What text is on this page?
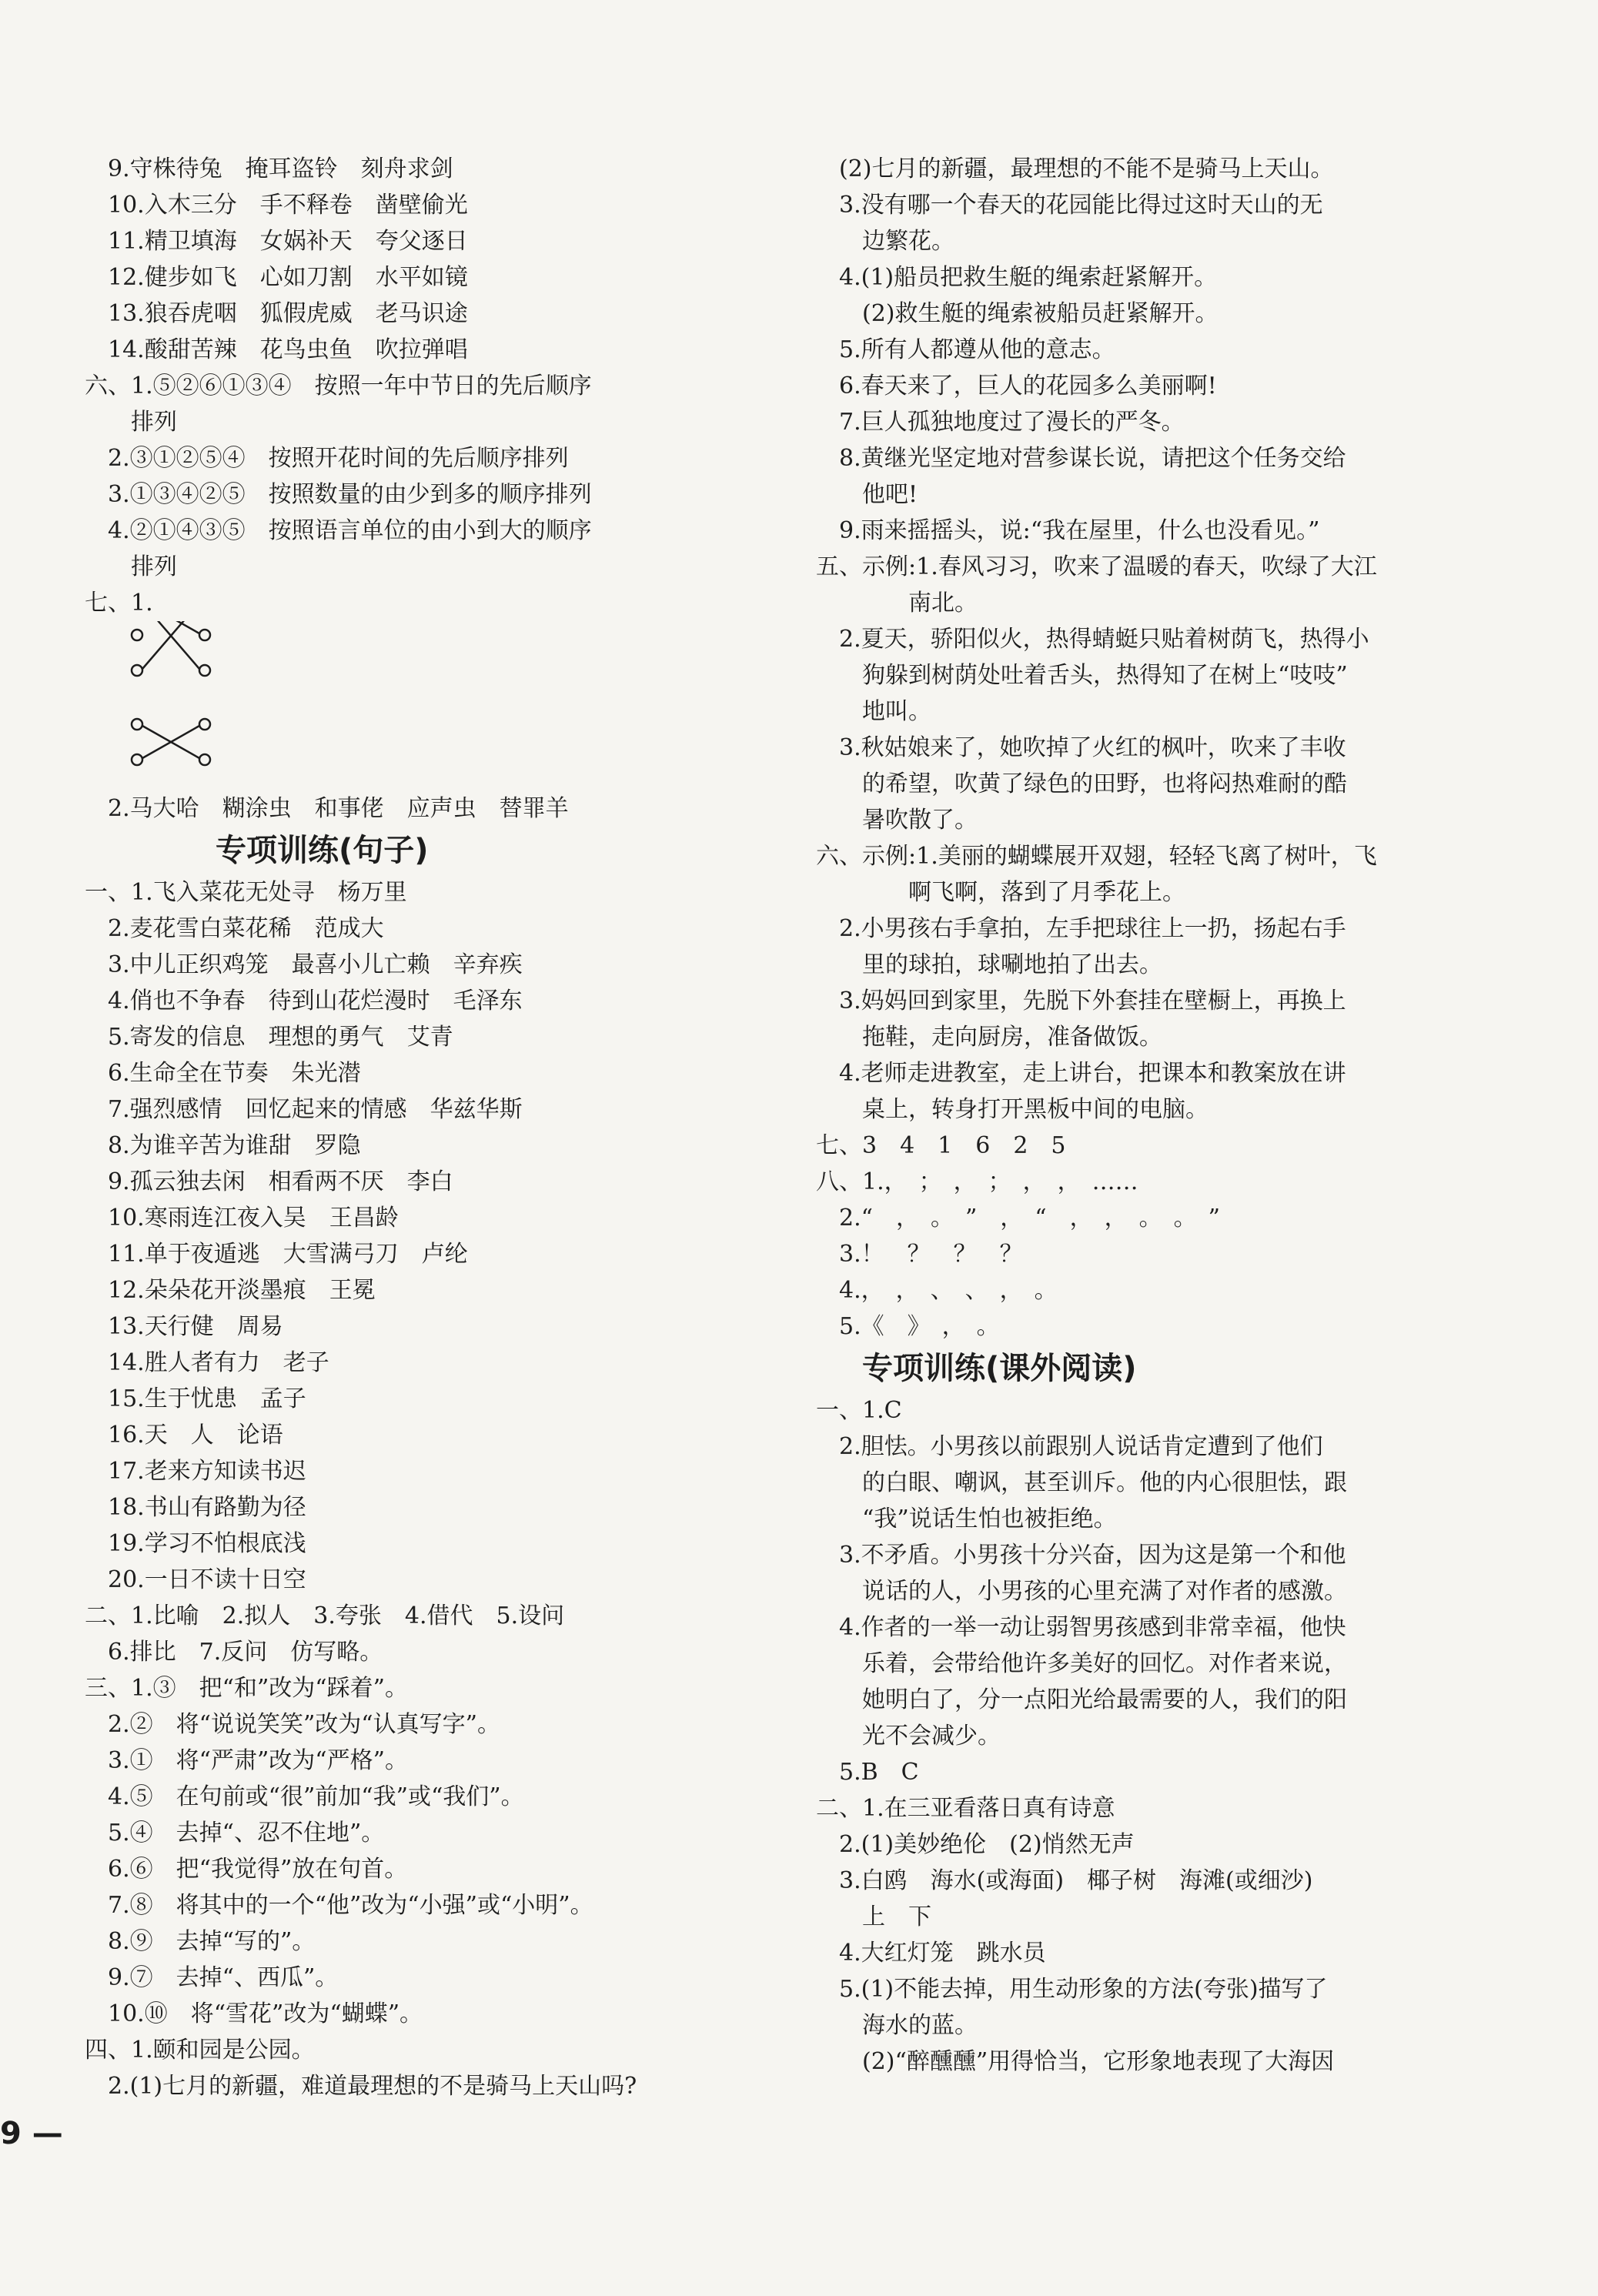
　9.守株待兔　掩耳盗铃　刻舟求剑
　10.入木三分　手不释卷　凿壁偷光
　11.精卫填海　女娲补天　夸父逐日
　12.健步如飞　心如刀割　水平如镜
　13.狼吞虎咽　狐假虎威　老马识途
　14.酸甜苦辣　花鸟虫鱼　吹拉弹唱
六、1.⑤②⑥①③④　按照一年中节日的先后顺序
　　排列
　2.③①②⑤④　按照开花时间的先后顺序排列
　3.①③④②⑤　按照数量的由少到多的顺序排列
　4.②①④③⑤　按照语言单位的由小到大的顺序
　　排列
七、1.
　2.马大哈　糊涂虫　和事佬　应声虫　替罪羊
专项训练(句子)
一、1.飞入菜花无处寻　杨万里
　2.麦花雪白菜花稀　范成大
　3.中儿正织鸡笼　最喜小儿亡赖　辛弃疾
　4.俏也不争春　待到山花烂漫时　毛泽东
　5.寄发的信息　理想的勇气　艾青
　6.生命全在节奏　朱光潜
　7.强烈感情　回忆起来的情感　华兹华斯
　8.为谁辛苦为谁甜　罗隐
　9.孤云独去闲　相看两不厌　李白
　10.寒雨连江夜入吴　王昌龄
　11.单于夜遁逃　大雪满弓刀　卢纶
　12.朵朵花开淡墨痕　王冕
　13.天行健　周易
　14.胜人者有力　老子
　15.生于忧患　孟子
　16.天　人　论语
　17.老来方知读书迟
　18.书山有路勤为径
　19.学习不怕根底浅
　20.一日不读十日空
二、1.比喻　2.拟人　3.夸张　4.借代　5.设问
　6.排比　7.反问　仿写略。
三、1.③　把“和”改为“踩着”。
　2.②　将“说说笑笑”改为“认真写字”。
　3.①　将“严肃”改为“严格”。
　4.⑤　在句前或“很”前加“我”或“我们”。
　5.④　去掉“、忍不住地”。
　6.⑥　把“我觉得”放在句首。
　7.⑧　将其中的一个“他”改为“小强”或“小明”。
　8.⑨　去掉“写的”。
　9.⑦　去掉“、西瓜”。
　10.⑩　将“雪花”改为“蝴蝶”。
四、1.颐和园是公园。
　2.(1)七月的新疆，难道最理想的不是骑马上天山吗?
　(2)七月的新疆，最理想的不能不是骑马上天山。
　3.没有哪一个春天的花园能比得过这时天山的无
　　边繁花。
　4.(1)船员把救生艇的绳索赶紧解开。
　　(2)救生艇的绳索被船员赶紧解开。
　5.所有人都遵从他的意志。
　6.春天来了，巨人的花园多么美丽啊!
　7.巨人孤独地度过了漫长的严冬。
　8.黄继光坚定地对营参谋长说，请把这个任务交给
　　他吧!
　9.雨来摇摇头，说:“我在屋里，什么也没看见。”
五、示例:1.春风习习，吹来了温暖的春天，吹绿了大江
　　　　南北。
　2.夏天，骄阳似火，热得蜻蜓只贴着树荫飞，热得小
　　狗躲到树荫处吐着舌头，热得知了在树上“吱吱”
　　地叫。
　3.秋姑娘来了，她吹掉了火红的枫叶，吹来了丰收
　　的希望，吹黄了绿色的田野，也将闷热难耐的酷
　　暑吹散了。
六、示例:1.美丽的蝴蝶展开双翅，轻轻飞离了树叶，飞
　　　　啊飞啊，落到了月季花上。
　2.小男孩右手拿拍，左手把球往上一扔，扬起右手
　　里的球拍，球唰地拍了出去。
　3.妈妈回到家里，先脱下外套挂在壁橱上，再换上
　　拖鞋，走向厨房，准备做饭。
　4.老师走进教室，走上讲台，把课本和教案放在讲
　　桌上，转身打开黑板中间的电脑。
七、3　4　1　6　2　5
八、1.，　；　，　；　，　，　……
　2.“　，　。　”　，　“　，　，　。　。　”
　3.！　？　？　？
　4.，　，　、　、　，　。
　5.《　》　，　。
专项训练(课外阅读)
一、1.C
　2.胆怯。小男孩以前跟别人说话肯定遭到了他们
　　的白眼、嘲讽，甚至训斥。他的内心很胆怯，跟
　　“我”说话生怕也被拒绝。
　3.不矛盾。小男孩十分兴奋，因为这是第一个和他
　　说话的人，小男孩的心里充满了对作者的感激。
　4.作者的一举一动让弱智男孩感到非常幸福，他快
　　乐着，会带给他许多美好的回忆。对作者来说，
　　她明白了，分一点阳光给最需要的人，我们的阳
　　光不会减少。
　5.B　C
二、1.在三亚看落日真有诗意
　2.(1)美妙绝伦　(2)悄然无声
　3.白鸥　海水(或海面)　椰子树　海滩(或细沙)
　　上　下
　4.大红灯笼　跳水员
　5.(1)不能去掉，用生动形象的方法(夸张)描写了
　　海水的蓝。
　　(2)“醉醺醺”用得恰当，它形象地表现了大海因
9 —
